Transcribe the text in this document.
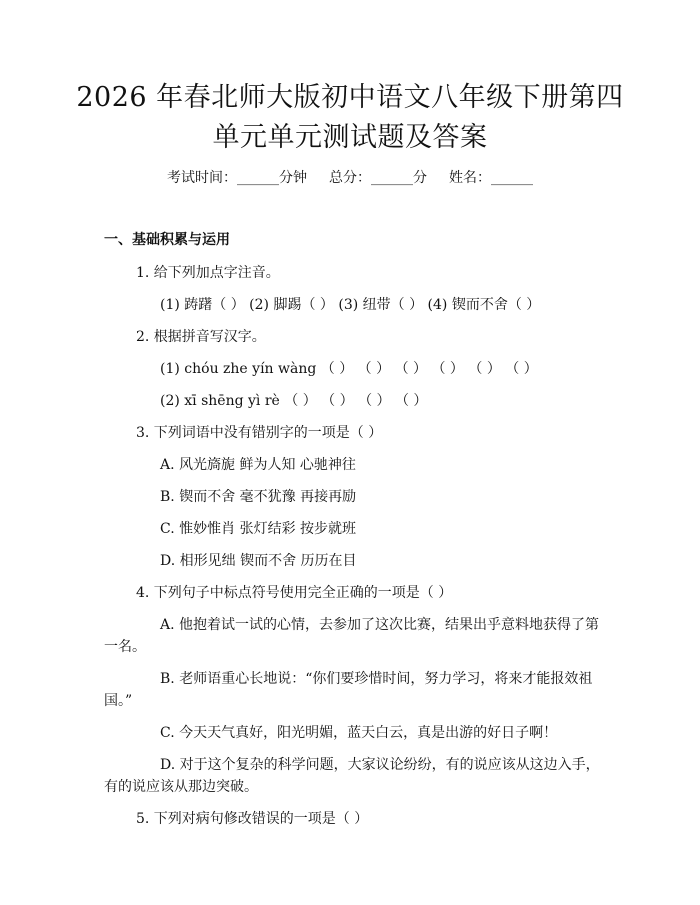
2026 年春北师大版初中语文八年级下册第四
单元单元测试题及答案
考试时间：______分钟 总分：______分 姓名：______
一、基础积累与运用
1. 给下列加点字注音。
(1) 踌躇（ ） (2) 脚踢（ ） (3) 纽带（ ） (4) 锲而不舍（ ）
2. 根据拼音写汉字。
(1) chóu zhe yín wàng （ ） （ ） （ ） （ ） （ ） （ ）
(2) xī shēng yì rè （ ） （ ） （ ） （ ）
3. 下列词语中没有错别字的一项是（ ）
A. 风光旖旎 鲜为人知 心驰神往
B. 锲而不舍 毫不犹豫 再接再励
C. 惟妙惟肖 张灯结彩 按步就班
D. 相形见绌 锲而不舍 历历在目
4. 下列句子中标点符号使用完全正确的一项是（ ）
A. 他抱着试一试的心情，去参加了这次比赛，结果出乎意料地获得了第
一名。
B. 老师语重心长地说：“你们要珍惜时间，努力学习，将来才能报效祖
国。”
C. 今天天气真好，阳光明媚，蓝天白云，真是出游的好日子啊！
D. 对于这个复杂的科学问题，大家议论纷纷，有的说应该从这边入手，
有的说应该从那边突破。
5. 下列对病句修改错误的一项是（ ）
